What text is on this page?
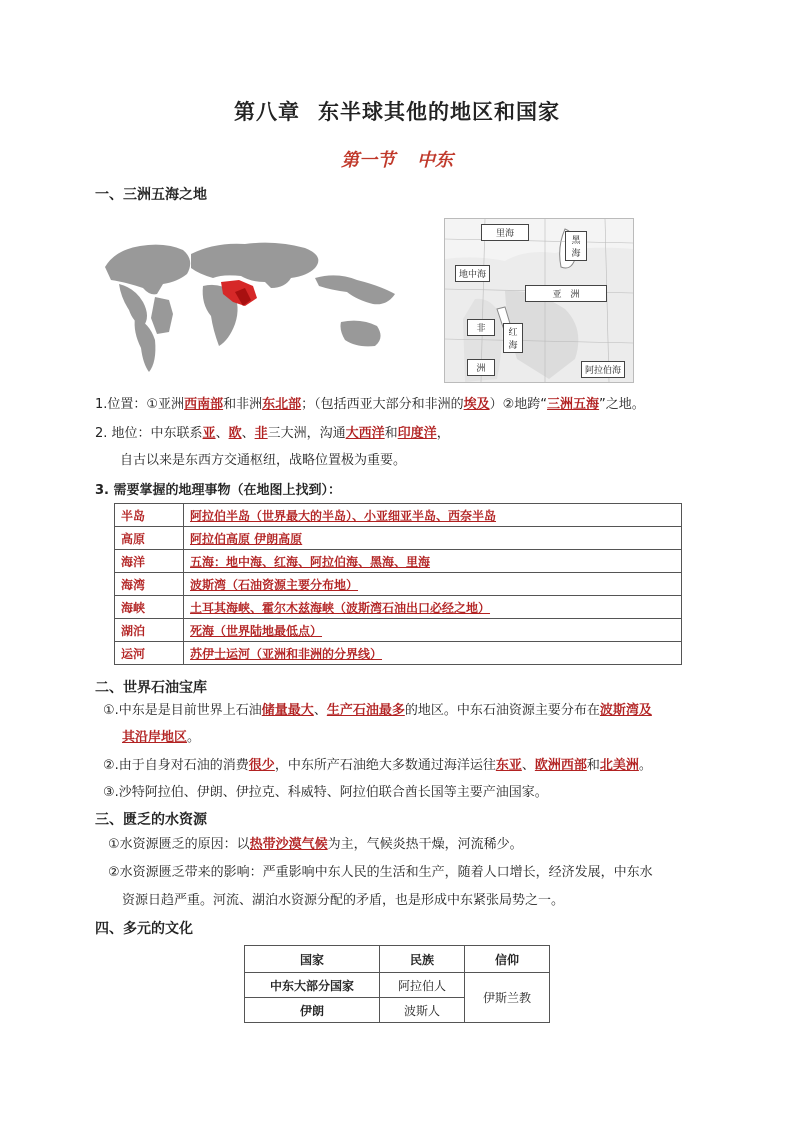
第八章 东半球其他的地区和国家
第一节 中东
一、三洲五海之地
里海
黑海
地中海
亚　洲
非
洲
红海
阿拉伯海
1.位置：①亚洲西南部和非洲东北部；（包括西亚大部分和非洲的埃及）②地跨“三洲五海”之地。
2. 地位：中东联系亚、欧、非三大洲，沟通大西洋和印度洋，
自古以来是东西方交通枢纽，战略位置极为重要。
3. 需要掌握的地理事物（在地图上找到）：
半岛	阿拉伯半岛（世界最大的半岛）、小亚细亚半岛、西奈半岛
高原	阿拉伯高原 伊朗高原
海洋	五海：地中海、红海、阿拉伯海、黑海、里海
海湾	波斯湾（石油资源主要分布地）
海峡	土耳其海峡、霍尔木兹海峡（波斯湾石油出口必经之地）
湖泊	死海（世界陆地最低点）
运河	苏伊士运河（亚洲和非洲的分界线）
二、世界石油宝库
①.中东是是目前世界上石油储量最大、生产石油最多的地区。中东石油资源主要分布在波斯湾及
其沿岸地区。
②.由于自身对石油的消费很少，中东所产石油绝大多数通过海洋运往东亚、欧洲西部和北美洲。
③.沙特阿拉伯、伊朗、伊拉克、科威特、阿拉伯联合酋长国等主要产油国家。
三、匮乏的水资源
①水资源匮乏的原因：以热带沙漠气候为主，气候炎热干燥，河流稀少。
②水资源匮乏带来的影响：严重影响中东人民的生活和生产，随着人口增长，经济发展，中东水
资源日趋严重。河流、湖泊水资源分配的矛盾，也是形成中东紧张局势之一。
四、多元的文化
国家	民族	信仰
中东大部分国家	阿拉伯人	伊斯兰教
伊朗	波斯人	
